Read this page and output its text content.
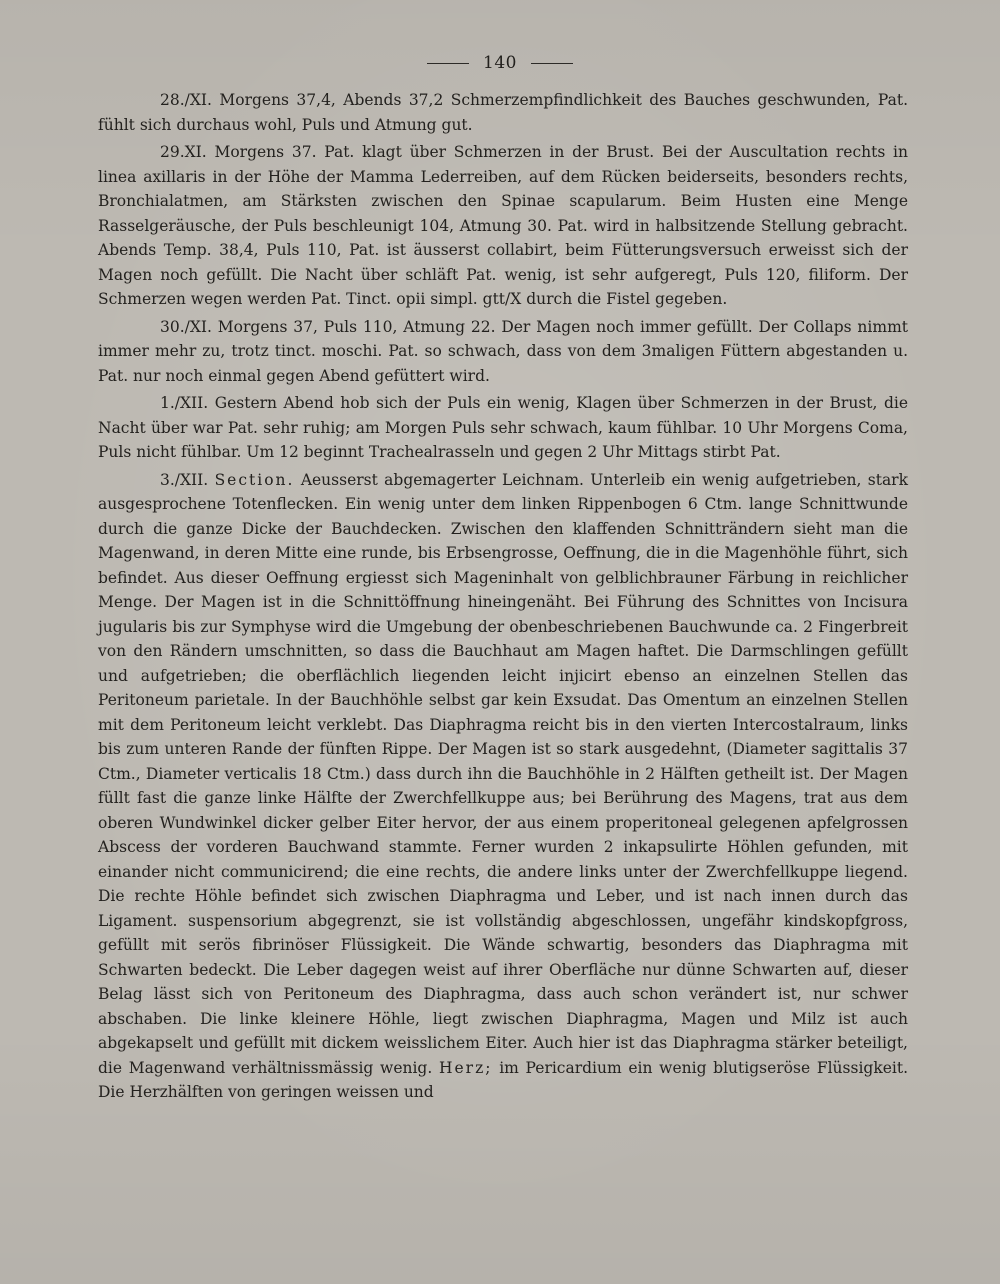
140

28./XI. Morgens 37,4, Abends 37,2 Schmerzempfindlichkeit des Bauches geschwunden, Pat. fühlt sich durchaus wohl, Puls und Atmung gut.

29.XI. Morgens 37. Pat. klagt über Schmerzen in der Brust. Bei der Auscultation rechts in linea axillaris in der Höhe der Mamma Lederreiben, auf dem Rücken beiderseits, besonders rechts, Bronchialatmen, am Stärksten zwischen den Spinae scapularum. Beim Husten eine Menge Rasselgeräusche, der Puls beschleunigt 104, Atmung 30. Pat. wird in halbsitzende Stellung gebracht. Abends Temp. 38,4, Puls 110, Pat. ist äusserst collabirt, beim Fütterungsversuch erweisst sich der Magen noch gefüllt. Die Nacht über schläft Pat. wenig, ist sehr aufgeregt, Puls 120, filiform. Der Schmerzen wegen werden Pat. Tinct. opii simpl. gtt/X durch die Fistel gegeben.

30./XI. Morgens 37, Puls 110, Atmung 22. Der Magen noch immer gefüllt. Der Collaps nimmt immer mehr zu, trotz tinct. moschi. Pat. so schwach, dass von dem 3maligen Füttern abgestanden u. Pat. nur noch einmal gegen Abend gefüttert wird.

1./XII. Gestern Abend hob sich der Puls ein wenig, Klagen über Schmerzen in der Brust, die Nacht über war Pat. sehr ruhig; am Morgen Puls sehr schwach, kaum fühlbar. 10 Uhr Morgens Coma, Puls nicht fühlbar. Um 12 beginnt Trachealrasseln und gegen 2 Uhr Mittags stirbt Pat.

3./XII. Section. Aeusserst abgemagerter Leichnam. Unterleib ein wenig aufgetrieben, stark ausgesprochene Totenflecken. Ein wenig unter dem linken Rippenbogen 6 Ctm. lange Schnittwunde durch die ganze Dicke der Bauchdecken. Zwischen den klaffenden Schnitträndern sieht man die Magenwand, in deren Mitte eine runde, bis Erbsengrosse, Oeffnung, die in die Magenhöhle führt, sich befindet. Aus dieser Oeffnung ergiesst sich Mageninhalt von gelblichbrauner Färbung in reichlicher Menge. Der Magen ist in die Schnittöffnung hineingenäht. Bei Führung des Schnittes von Incisura jugularis bis zur Symphyse wird die Umgebung der obenbeschriebenen Bauchwunde ca. 2 Fingerbreit von den Rändern umschnitten, so dass die Bauchhaut am Magen haftet. Die Darmschlingen gefüllt und aufgetrieben; die oberflächlich liegenden leicht injicirt ebenso an einzelnen Stellen das Peritoneum parietale. In der Bauchhöhle selbst gar kein Exsudat. Das Omentum an einzelnen Stellen mit dem Peritoneum leicht verklebt. Das Diaphragma reicht bis in den vierten Intercostalraum, links bis zum unteren Rande der fünften Rippe. Der Magen ist so stark ausgedehnt, (Diameter sagittalis 37 Ctm., Diameter verticalis 18 Ctm.) dass durch ihn die Bauchhöhle in 2 Hälften getheilt ist. Der Magen füllt fast die ganze linke Hälfte der Zwerchfellkuppe aus; bei Berührung des Magens, trat aus dem oberen Wundwinkel dicker gelber Eiter hervor, der aus einem properitoneal gelegenen apfelgrossen Abscess der vorderen Bauchwand stammte. Ferner wurden 2 inkapsulirte Höhlen gefunden, mit einander nicht communicirend; die eine rechts, die andere links unter der Zwerchfellkuppe liegend. Die rechte Höhle befindet sich zwischen Diaphragma und Leber, und ist nach innen durch das Ligament. suspensorium abgegrenzt, sie ist vollständig abgeschlossen, ungefähr kindskopfgross, gefüllt mit serös fibrinöser Flüssigkeit. Die Wände schwartig, besonders das Diaphragma mit Schwarten bedeckt. Die Leber dagegen weist auf ihrer Oberfläche nur dünne Schwarten auf, dieser Belag lässt sich von Peritoneum des Diaphragma, dass auch schon verändert ist, nur schwer abschaben. Die linke kleinere Höhle, liegt zwischen Diaphragma, Magen und Milz ist auch abgekapselt und gefüllt mit dickem weisslichem Eiter. Auch hier ist das Diaphragma stärker beteiligt, die Magenwand verhältnissmässig wenig. Herz; im Pericardium ein wenig blutigseröse Flüssigkeit. Die Herzhälften von geringen weissen und
